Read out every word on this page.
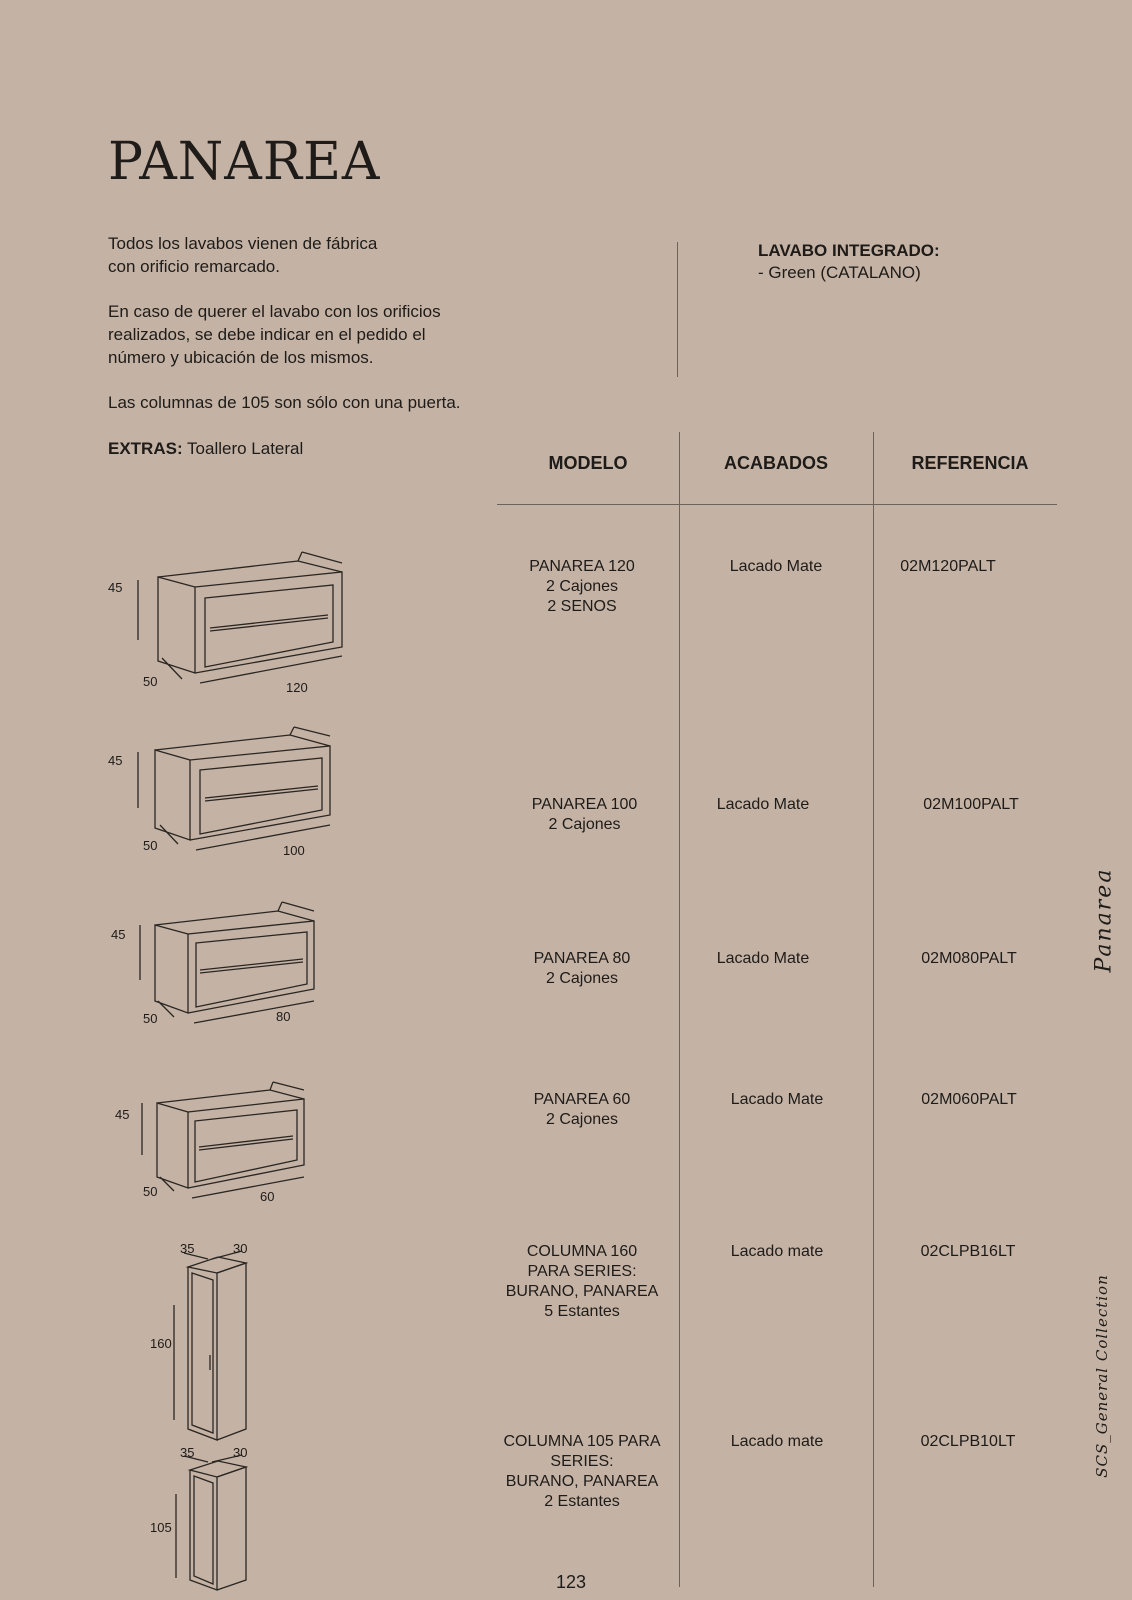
PANAREA

Todos los lavabos vienen de fábrica
con orificio remarcado.

En caso de querer el lavabo con los orificios
realizados, se debe indicar en el pedido el
número y ubicación de los mismos.

Las columnas de 105 son sólo con una puerta.

EXTRAS: Toallero Lateral
LAVABO INTEGRADO:
- Green (CATALANO)
MODELO	ACABADOS	REFERENCIA
PANAREA 120
2 Cajones
2 SENOS
Lacado Mate	02M120PALT
PANAREA 100
2 Cajones
Lacado Mate	02M100PALT
PANAREA 80
2 Cajones
Lacado Mate	02M080PALT
PANAREA 60
2 Cajones
Lacado Mate	02M060PALT
COLUMNA 160
PARA SERIES:
BURANO, PANAREA
5 Estantes
Lacado mate	02CLPB16LT
COLUMNA 105 PARA
SERIES:
BURANO, PANAREA
2 Estantes
Lacado mate	02CLPB10LT
45
50	120
45
50	100
45
50	80
45
50	60
35	30
160
35	30
105
Panarea
SCS_General Collection
123
